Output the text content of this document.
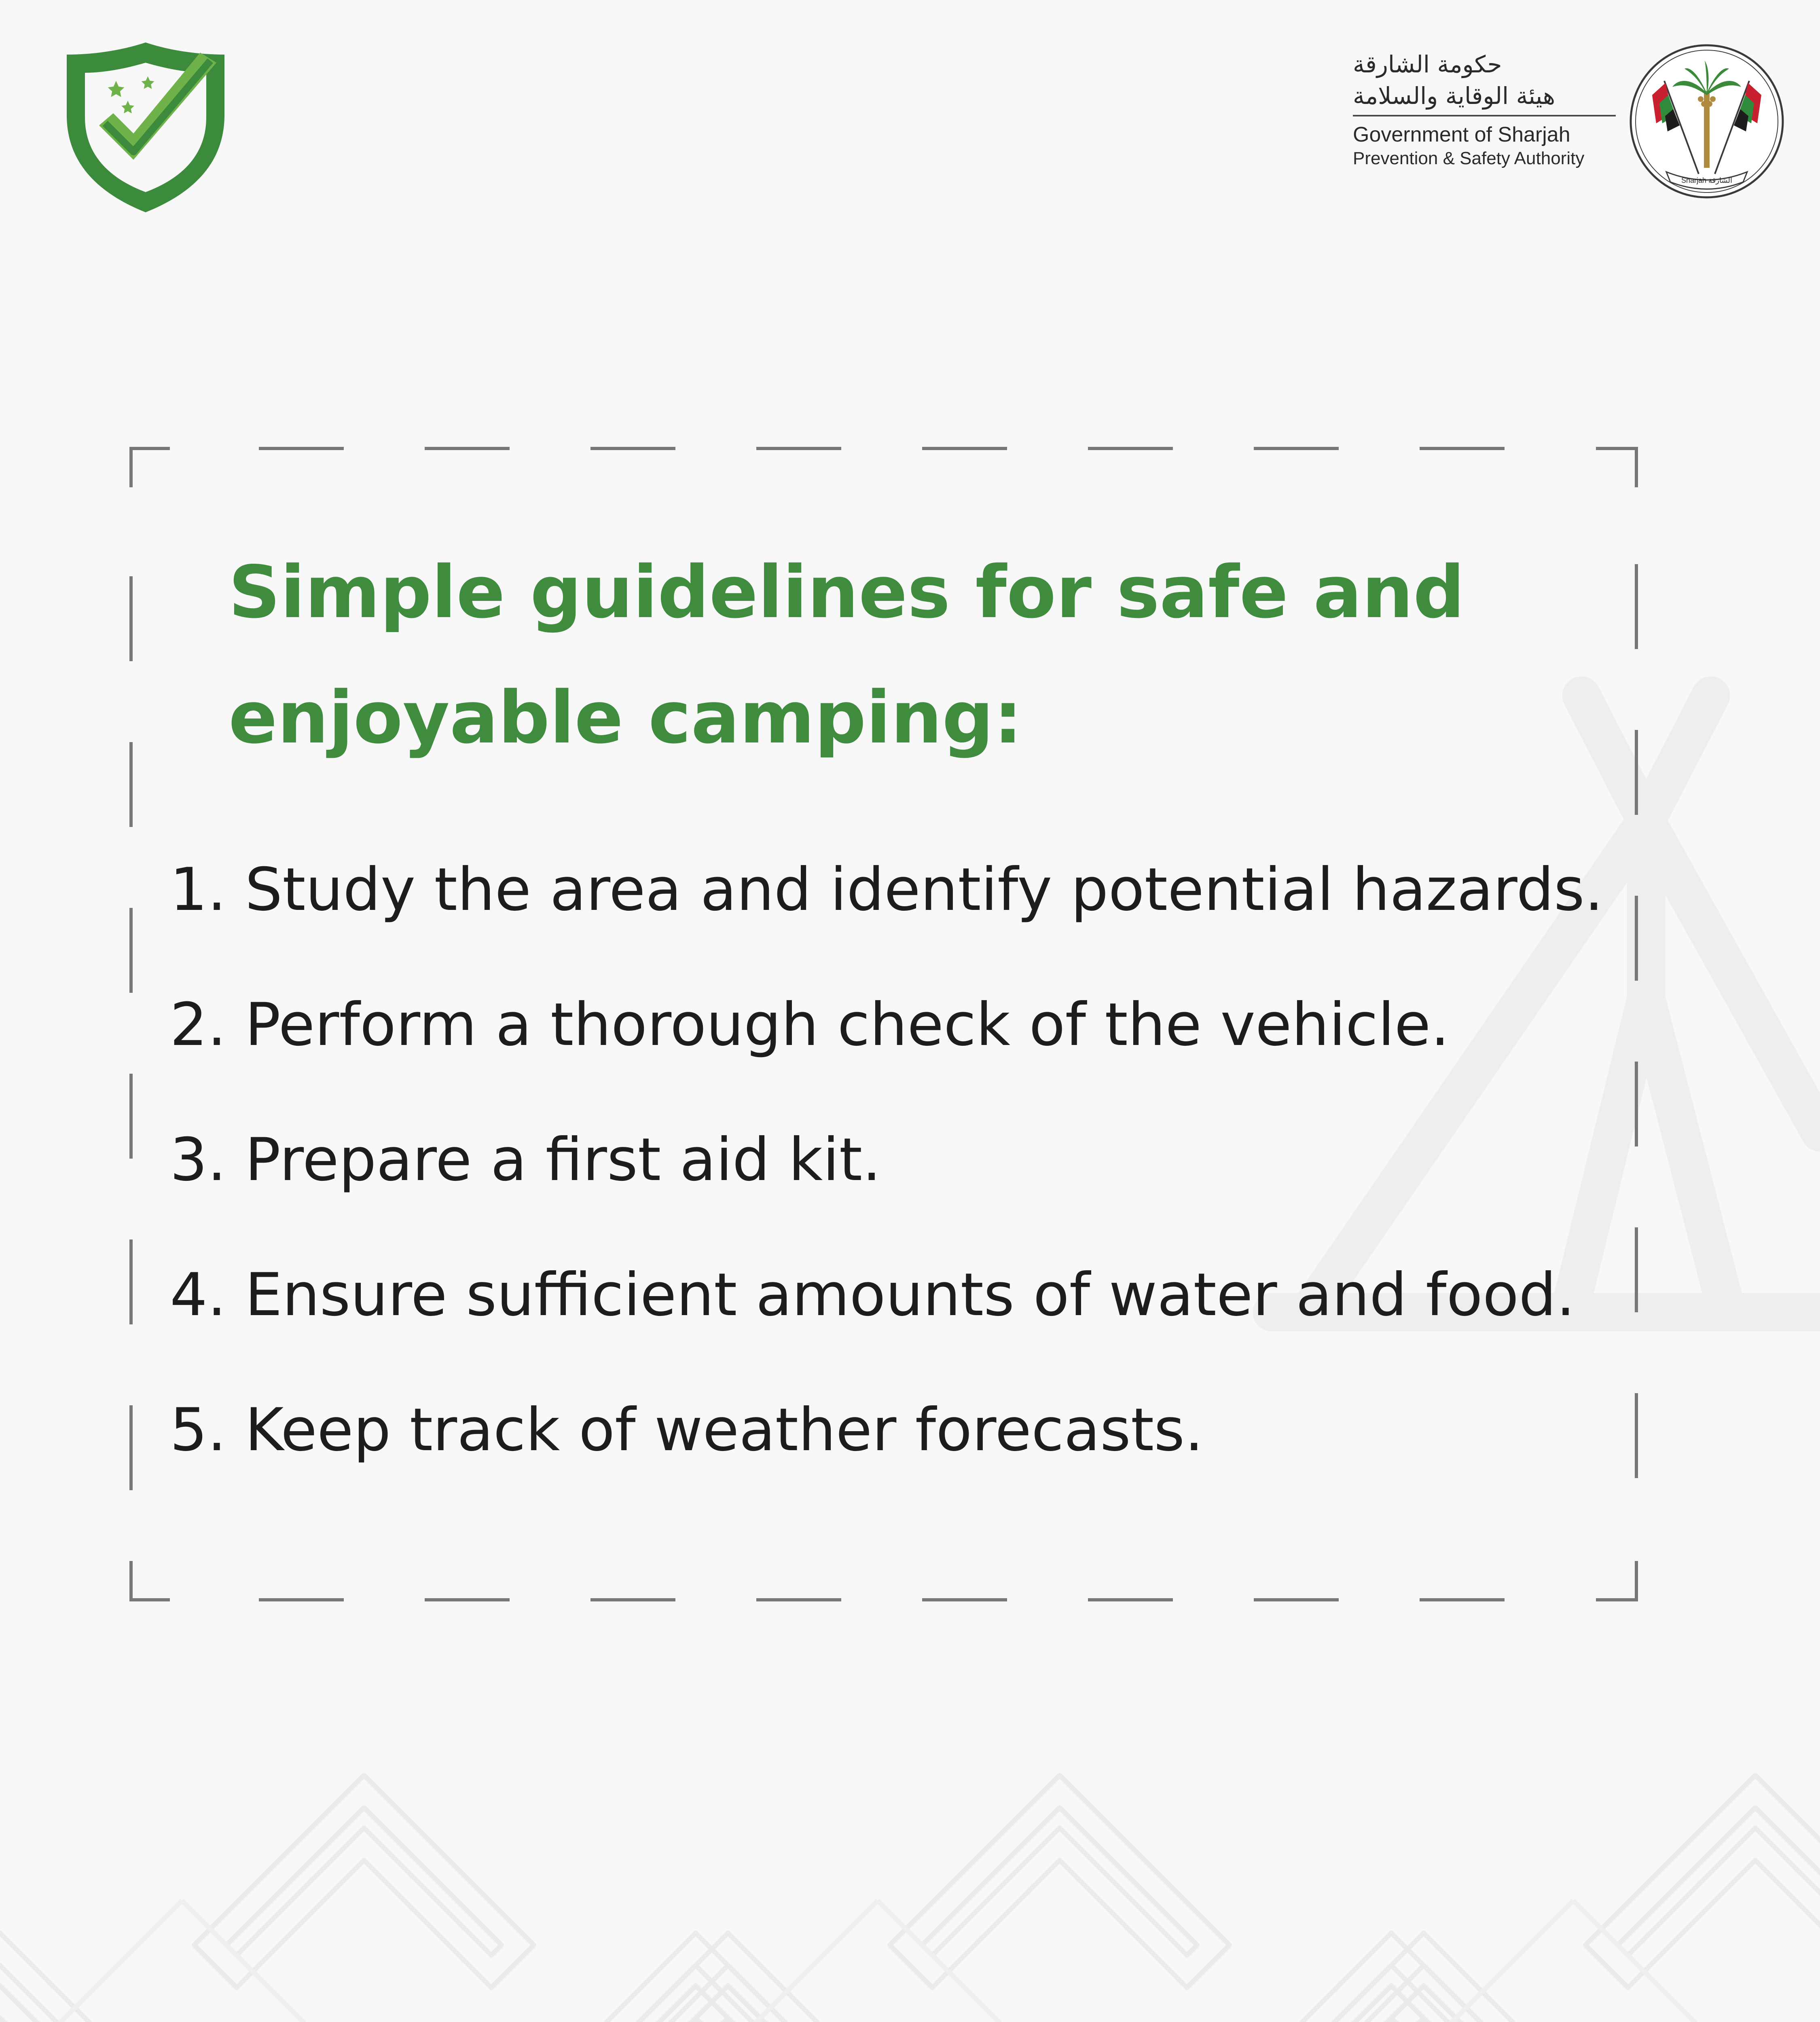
حكومة الشارقة
هيئة الوقاية والسلامة
Government of Sharjah
Prevention & Safety Authority
Sharjah الشارقة
Simple guidelines for safe and enjoyable camping:
1. Study the area and identify potential hazards.
2. Perform a thorough check of the vehicle.
3. Prepare a first aid kit.
4. Ensure sufficient amounts of water and food.
5. Keep track of weather forecasts.
